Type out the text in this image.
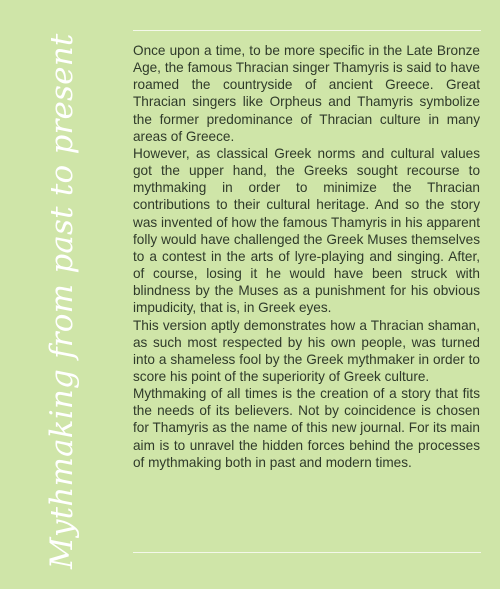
Mythmaking from past to present	Once upon a time, to be more specific in the Late Bronze Age, the famous Thracian singer Thamyris is said to have roamed the countryside of ancient Greece. Great Thracian singers like Orpheus and Thamyris symbolize the former predominance of Thracian culture in many areas of Greece.

However, as classical Greek norms and cultural values got the upper hand, the Greeks sought recourse to mythmaking in order to minimize the Thracian contributions to their cultural heritage. And so the story was invented of how the famous Thamyris in his apparent folly would have challenged the Greek Muses themselves to a contest in the arts of lyre-playing and singing. After, of course, losing it he would have been struck with blindness by the Muses as a punishment for his obvious impudicity, that is, in Greek eyes.

This version aptly demonstrates how a Thracian shaman, as such most respected by his own people, was turned into a shameless fool by the Greek mythmaker in order to score his point of the superiority of Greek culture.

Mythmaking of all times is the creation of a story that fits the needs of its believers. Not by coincidence is chosen for Thamyris as the name of this new journal. For its main aim is to unravel the hidden forces behind the processes of mythmaking both in past and modern times.
